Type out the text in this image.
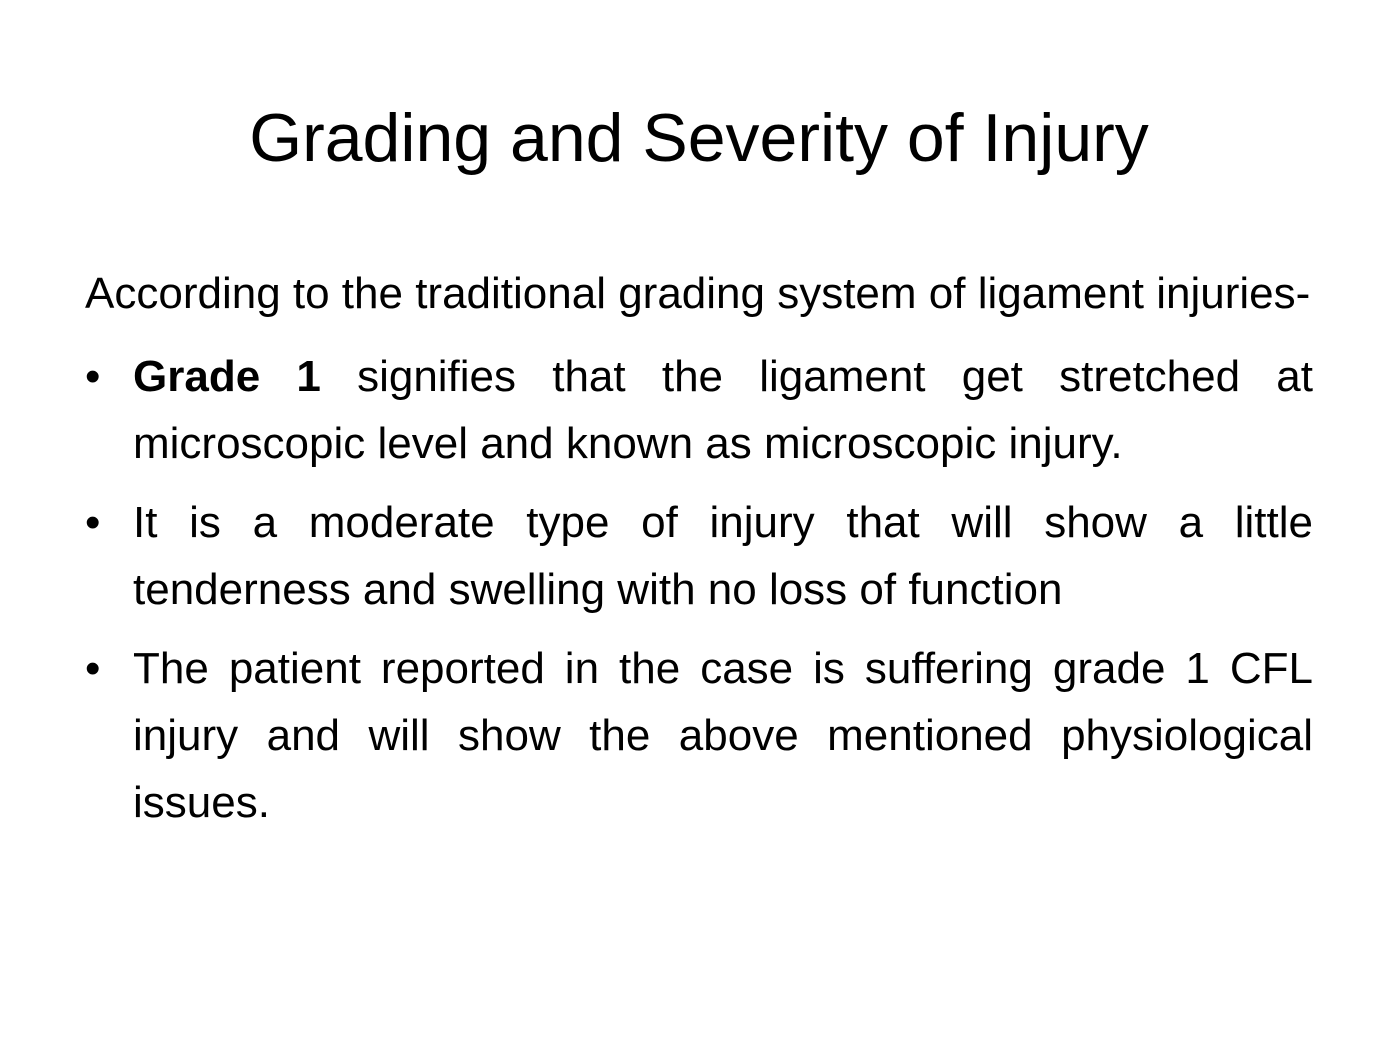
Grading and Severity of Injury

According to the traditional grading system of ligament injuries-

• Grade 1 signifies that the ligament get stretched at microscopic level and known as microscopic injury.
• It is a moderate type of injury that will show a little tenderness and swelling with no loss of function
• The patient reported in the case is suffering grade 1 CFL injury and will show the above mentioned physiological issues.
